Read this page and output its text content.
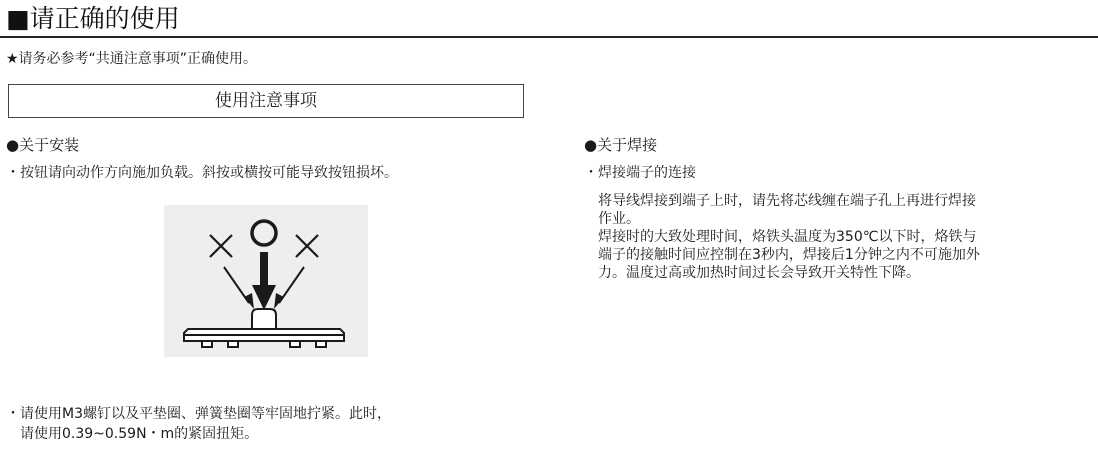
■请正确的使用
★请务必参考“共通注意事项”正确使用。
使用注意事项
●关于安装
・按钮请向动作方向施加负载。斜按或横按可能导致按钮损坏。
・请使用M3螺钉以及平垫圈、弹簧垫圈等牢固地拧紧。此时，
请使用0.39~0.59N・m的紧固扭矩。
●关于焊接
・焊接端子的连接
将导线焊接到端子上时，请先将芯线缠在端子孔上再进行焊接
作业。
焊接时的大致处理时间，烙铁头温度为350℃以下时，烙铁与
端子的接触时间应控制在3秒内，焊接后1分钟之内不可施加外
力。温度过高或加热时间过长会导致开关特性下降。
